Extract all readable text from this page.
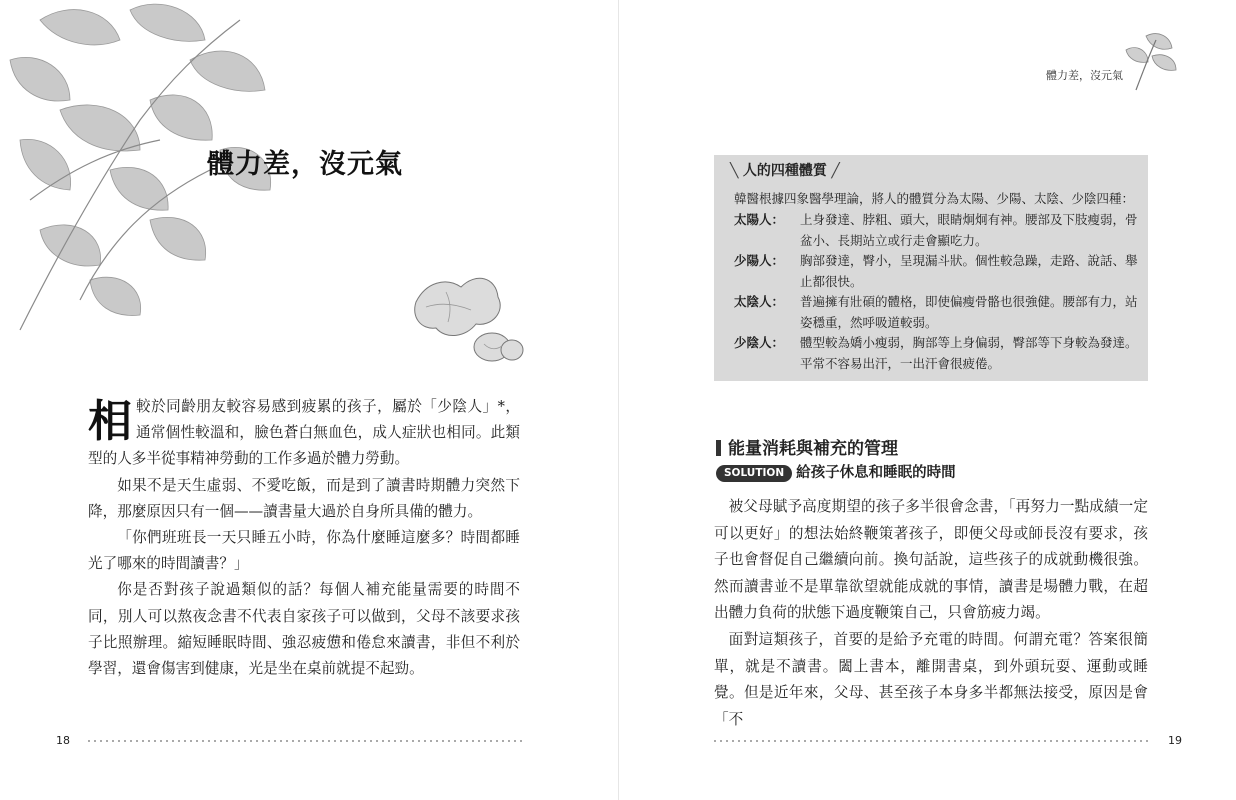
體力差，沒元氣

相較於同齡朋友較容易感到疲累的孩子，屬於「少陰人」*，通常個性較溫和，臉色蒼白無血色，成人症狀也相同。此類型的人多半從事精神勞動的工作多過於體力勞動。

如果不是天生虛弱、不愛吃飯，而是到了讀書時期體力突然下降，那麼原因只有一個——讀書量大過於自身所具備的體力。

「你們班班長一天只睡五小時，你為什麼睡這麼多？時間都睡光了哪來的時間讀書？」

你是否對孩子說過類似的話？每個人補充能量需要的時間不同，別人可以熬夜念書不代表自家孩子可以做到，父母不該要求孩子比照辦理。縮短睡眠時間、強忍疲憊和倦怠來讀書，非但不利於學習，還會傷害到健康，光是坐在桌前就提不起勁。

18
體力差，沒元氣
╲ 人的四種體質 ╱
韓醫根據四象醫學理論，將人的體質分為太陽、少陽、太陰、少陰四種：
太陽人： 上身發達、脖粗、頭大，眼睛炯炯有神。腰部及下肢瘦弱，骨盆小、長期站立或行走會顯吃力。
少陽人： 胸部發達，臀小，呈現漏斗狀。個性較急躁，走路、說話、舉止都很快。
太陰人： 普遍擁有壯碩的體格，即使偏瘦骨骼也很強健。腰部有力，站姿穩重，然呼吸道較弱。
少陰人： 體型較為嬌小瘦弱，胸部等上身偏弱，臀部等下身較為發達。平常不容易出汗，一出汗會很疲倦。
能量消耗與補充的管理
SOLUTION 給孩子休息和睡眠的時間

被父母賦予高度期望的孩子多半很會念書，「再努力一點成績一定可以更好」的想法始終鞭策著孩子，即便父母或師長沒有要求，孩子也會督促自己繼續向前。換句話說，這些孩子的成就動機很強。然而讀書並不是單靠欲望就能成就的事情，讀書是場體力戰，在超出體力負荷的狀態下過度鞭策自己，只會筋疲力竭。

面對這類孩子，首要的是給予充電的時間。何謂充電？答案很簡單，就是不讀書。闔上書本，離開書桌，到外頭玩耍、運動或睡覺。但是近年來，父母、甚至孩子本身多半都無法接受，原因是會「不

19
